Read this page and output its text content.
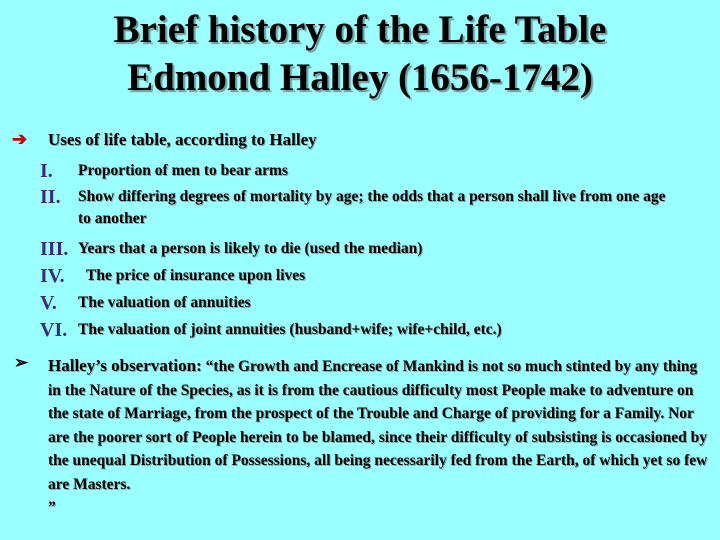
Brief history of the Life Table
Edmond Halley (1656-1742)
➔ Uses of life table, according to Halley
I.	Proportion of men to bear arms
II.	Show differing degrees of mortality by age; the odds that a person shall live from one age to another
III. Years that a person is likely to die (used the median)
IV.	The price of insurance upon lives
V.	The valuation of annuities
VI. The valuation of joint annuities (husband+wife; wife+child, etc.)
➢ Halley’s observation: “the Growth and Encrease of Mankind is not so much stinted by any thing in the Nature of the Species, as it is from the cautious difficulty most People make to adventure on the state of Marriage, from the prospect of the Trouble and Charge of providing for a Family. Nor are the poorer sort of People herein to be blamed, since their difficulty of subsisting is occasioned by the unequal Distribution of Possessions, all being necessarily fed from the Earth, of which yet so few are Masters.
”
